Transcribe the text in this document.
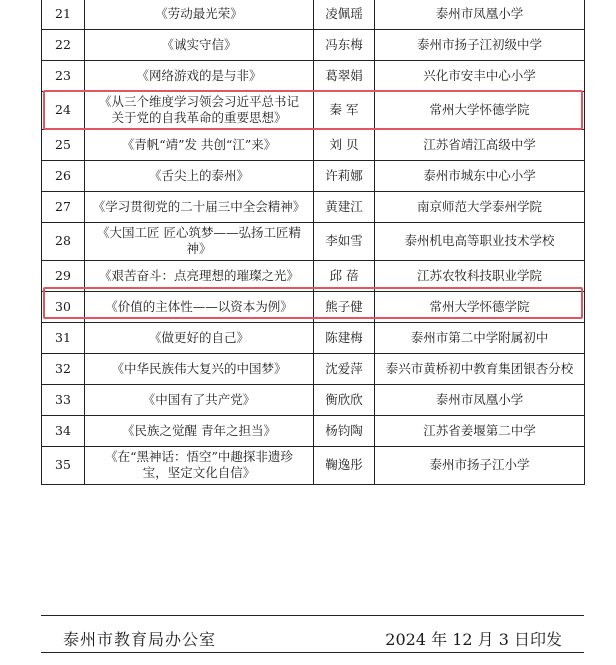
21	《劳动最光荣》	凌佩瑶	泰州市凤凰小学
22	《诚实守信》	冯东梅	泰州市扬子江初级中学
23	《网络游戏的是与非》	葛翠娟	兴化市安丰中心小学
24	《从三个维度学习领会习近平总书记关于党的自我革命的重要思想》	秦 军	常州大学怀德学院
25	《青帆“靖”发 共创“江”来》	刘 贝	江苏省靖江高级中学
26	《舌尖上的泰州》	许莉娜	泰州市城东中心小学
27	《学习贯彻党的二十届三中全会精神》	黄建江	南京师范大学泰州学院
28	《大国工匠 匠心筑梦——弘扬工匠精神》	李如雪	泰州机电高等职业技术学校
29	《艰苦奋斗：点亮理想的璀璨之光》	邱 蓓	江苏农牧科技职业学院
30	《价值的主体性——以资本为例》	熊子健	常州大学怀德学院
31	《做更好的自己》	陈建梅	泰州市第二中学附属初中
32	《中华民族伟大复兴的中国梦》	沈爱萍	泰兴市黄桥初中教育集团银杏分校
33	《中国有了共产党》	衡欣欣	泰州市凤凰小学
34	《民族之觉醒 青年之担当》	杨钧陶	江苏省姜堰第二中学
35	《在“黑神话：悟空”中趣探非遗珍宝，坚定文化自信》	鞠逸彤	泰州市扬子江小学
泰州市教育局办公室	2024 年 12 月 3 日印发
